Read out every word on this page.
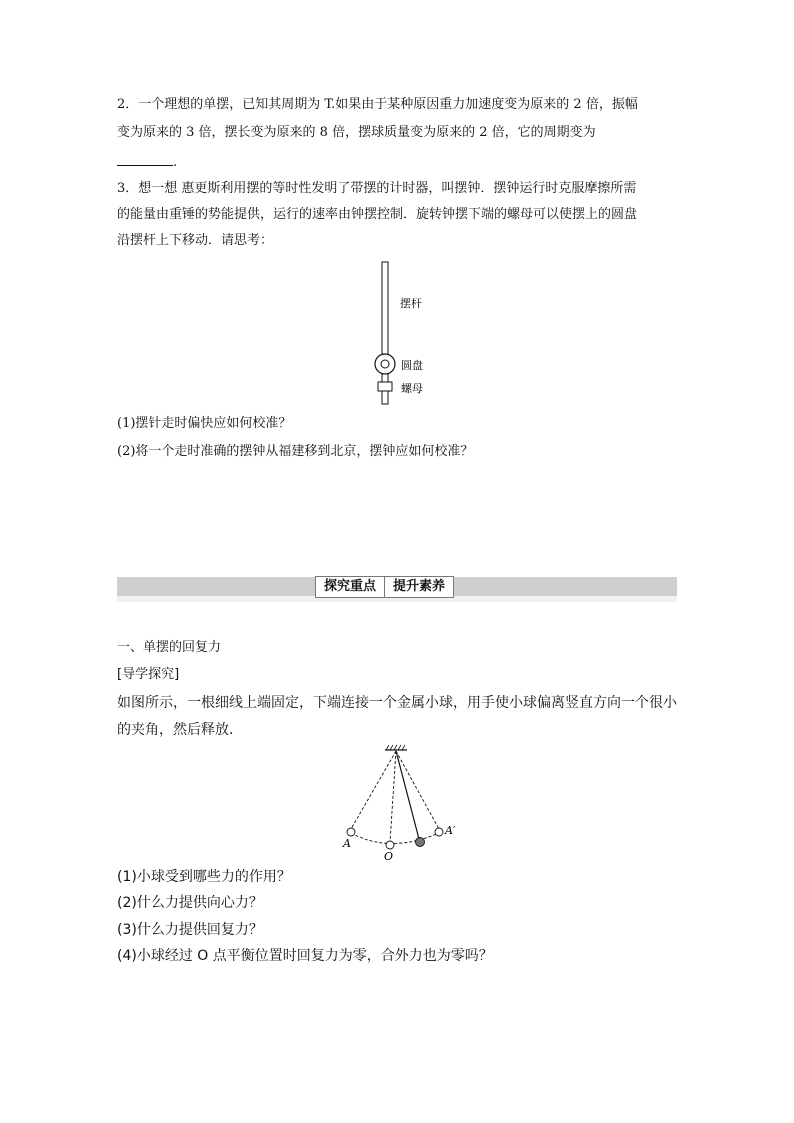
2．一个理想的单摆，已知其周期为 T.如果由于某种原因重力加速度变为原来的 2 倍，振幅
变为原来的 3 倍，摆长变为原来的 8 倍，摆球质量变为原来的 2 倍，它的周期变为
.
3．想一想 惠更斯利用摆的等时性发明了带摆的计时器，叫摆钟．摆钟运行时克服摩擦所需
的能量由重锤的势能提供，运行的速率由钟摆控制．旋转钟摆下端的螺母可以使摆上的圆盘
沿摆杆上下移动．请思考：
摆杆
圆盘
螺母
(1)摆针走时偏快应如何校准？
(2)将一个走时准确的摆钟从福建移到北京，摆钟应如何校准？
探究重点	提升素养
一、单摆的回复力
[导学探究]
如图所示，一根细线上端固定，下端连接一个金属小球，用手使小球偏离竖直方向一个很小
的夹角，然后释放．
A
O
A′
(1)小球受到哪些力的作用？
(2)什么力提供向心力？
(3)什么力提供回复力？
(4)小球经过 O 点平衡位置时回复力为零，合外力也为零吗？
